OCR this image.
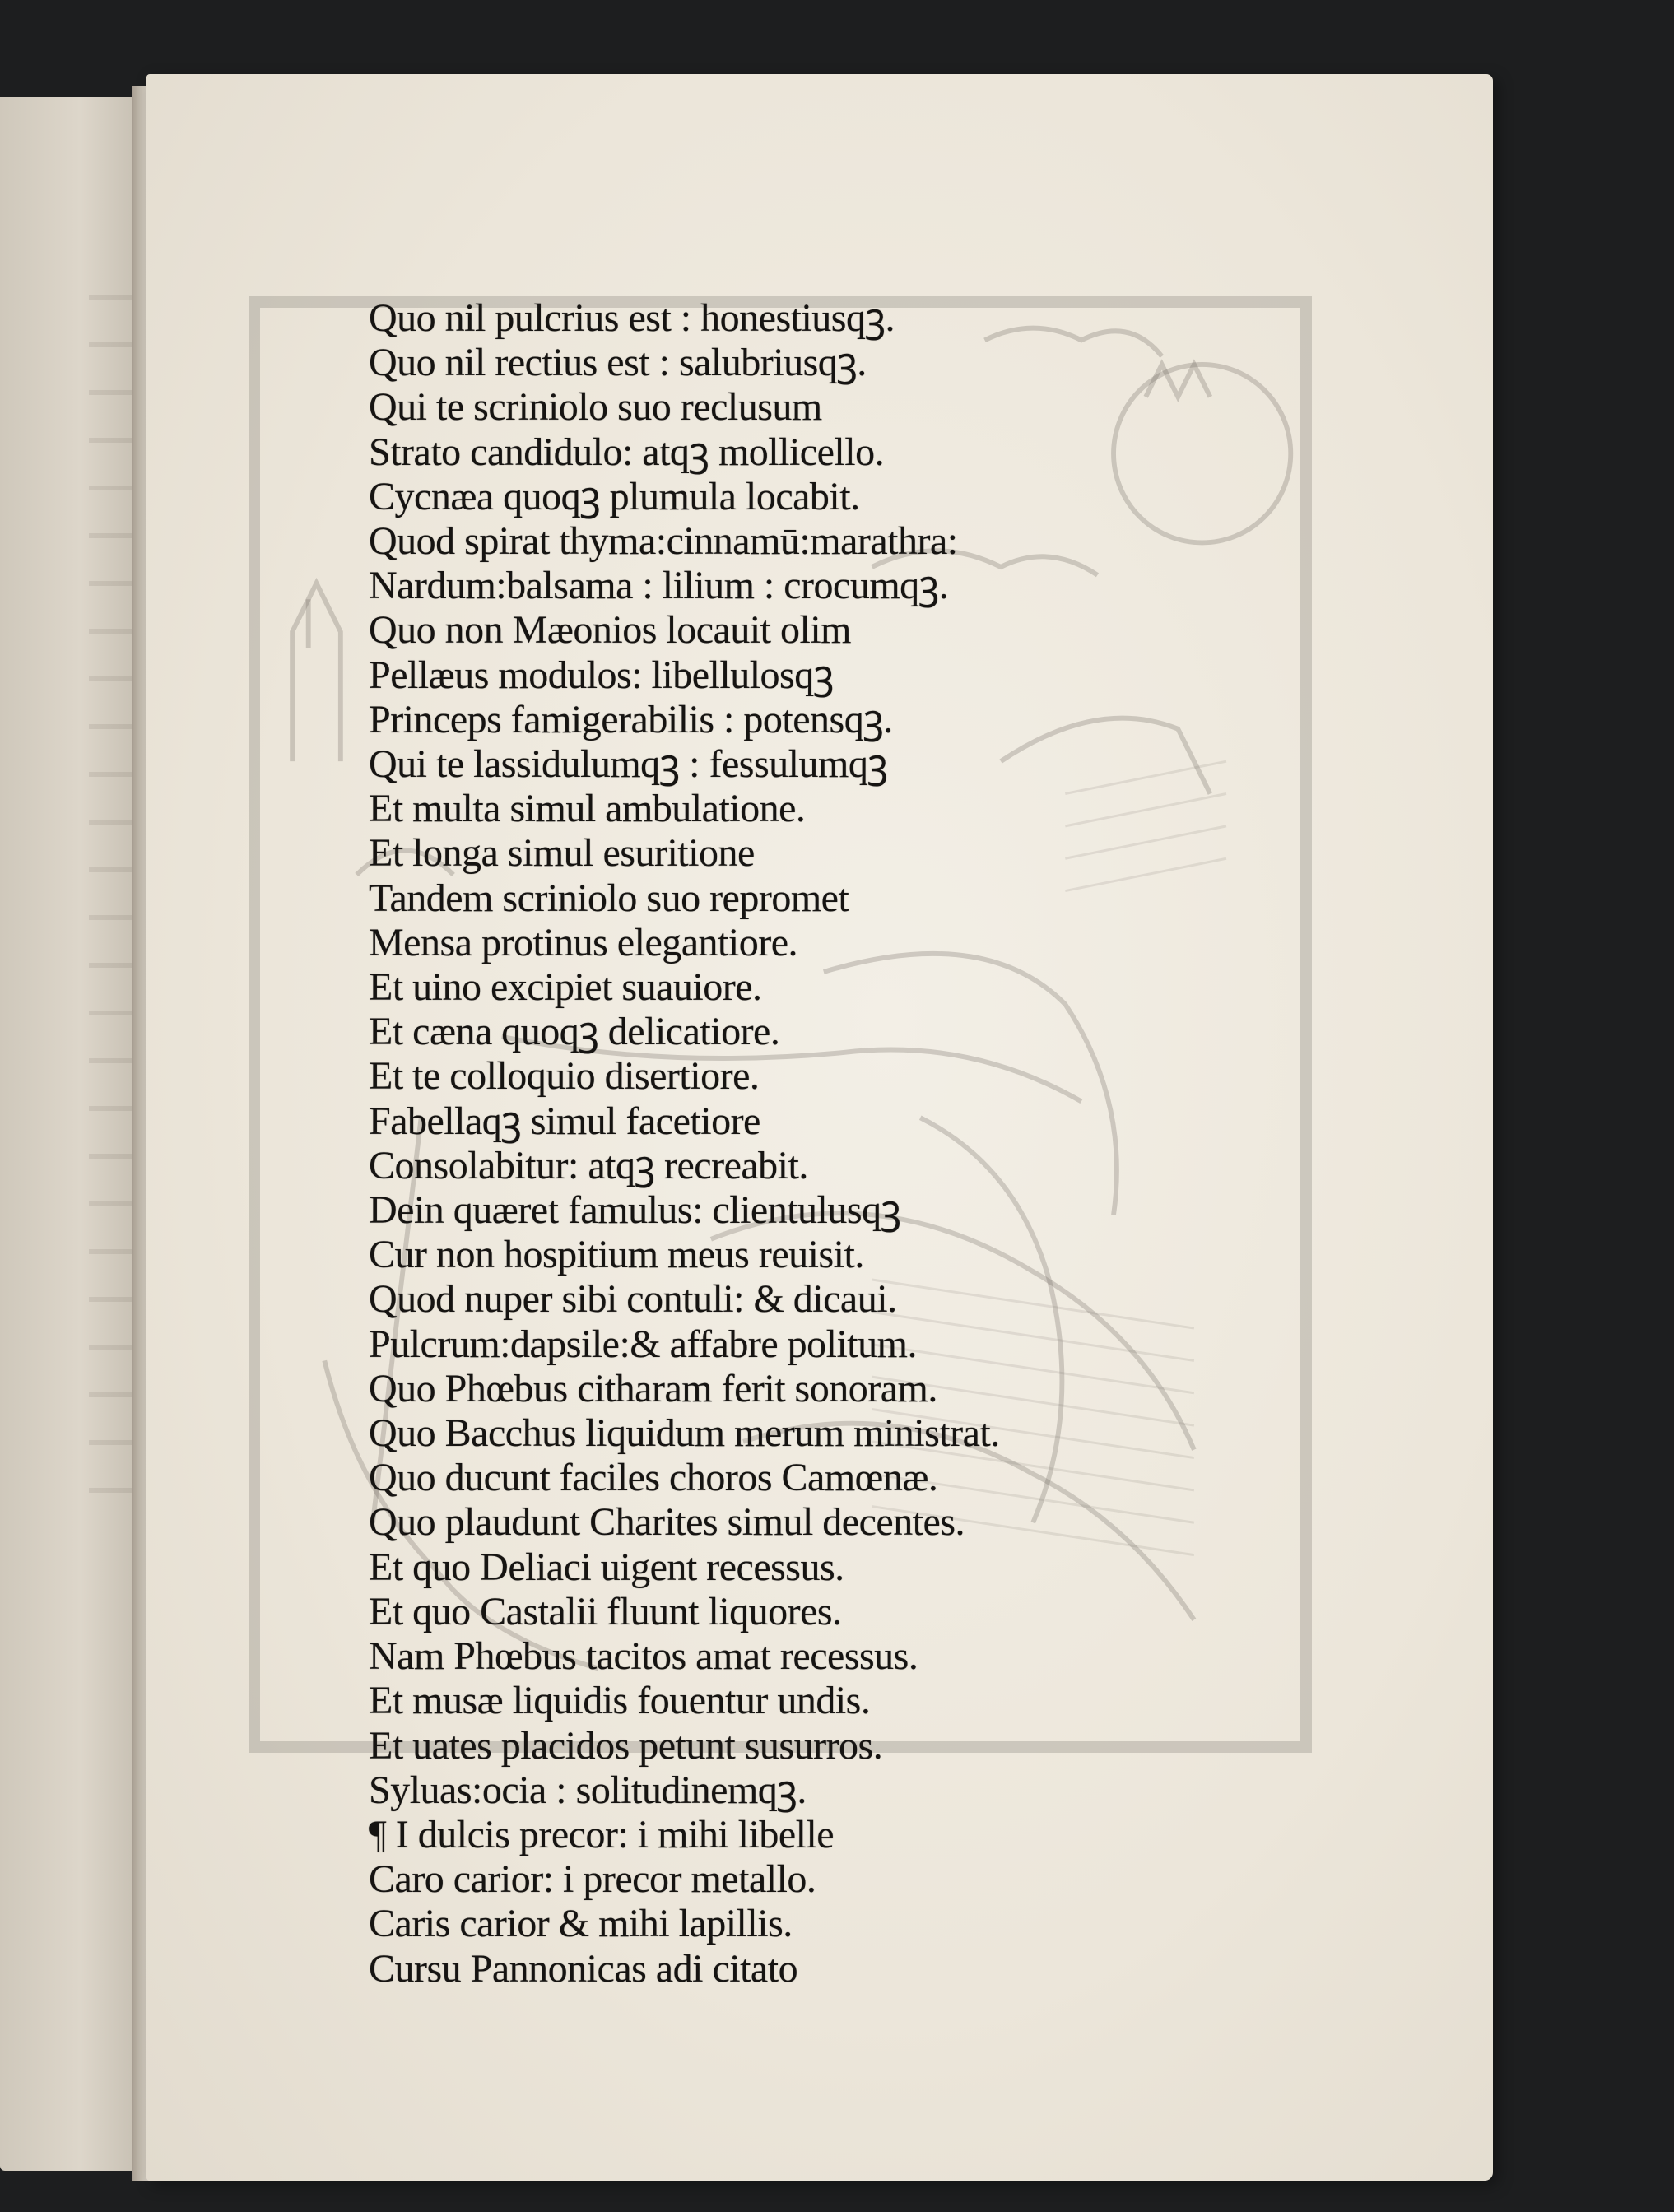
Quo nil pulcrius est : honestiusqꝫ.
Quo nil rectius est : salubriusqꝫ.
Qui te scriniolo suo reclusum
Strato candidulo: atqꝫ mollicello.
Cycnæa quoqꝫ plumula locabit.
Quod spirat thyma:cinnamū:marathra:
Nardum:balsama : lilium : crocumqꝫ.
Quo non Mæonios locauit olim
Pellæus modulos: libellulosqꝫ
Princeps famigerabilis : potensqꝫ.
Qui te lassidulumqꝫ : fessulumqꝫ
Et multa simul ambulatione.
Et longa simul esuritione
Tandem scriniolo suo repromet
Mensa protinus elegantiore.
Et uino excipiet suauiore.
Et cæna quoqꝫ delicatiore.
Et te colloquio disertiore.
Fabellaqꝫ simul facetiore
Consolabitur: atqꝫ recreabit.
Dein quæret famulus: clientulusqꝫ
Cur non hospitium meus reuisit.
Quod nuper sibi contuli: & dicaui.
Pulcrum:dapsile:& affabre politum.
Quo Phœbus citharam ferit sonoram.
Quo Bacchus liquidum merum ministrat.
Quo ducunt faciles choros Camœnæ.
Quo plaudunt Charites simul decentes.
Et quo Deliaci uigent recessus.
Et quo Castalii fluunt liquores.
Nam Phœbus tacitos amat recessus.
Et musæ liquidis fouentur undis.
Et uates placidos petunt susurros.
Syluas:ocia : solitudinemqꝫ.
¶ I dulcis precor: i mihi libelle
Caro carior: i precor metallo.
Caris carior & mihi lapillis.
Cursu Pannonicas adi citato
